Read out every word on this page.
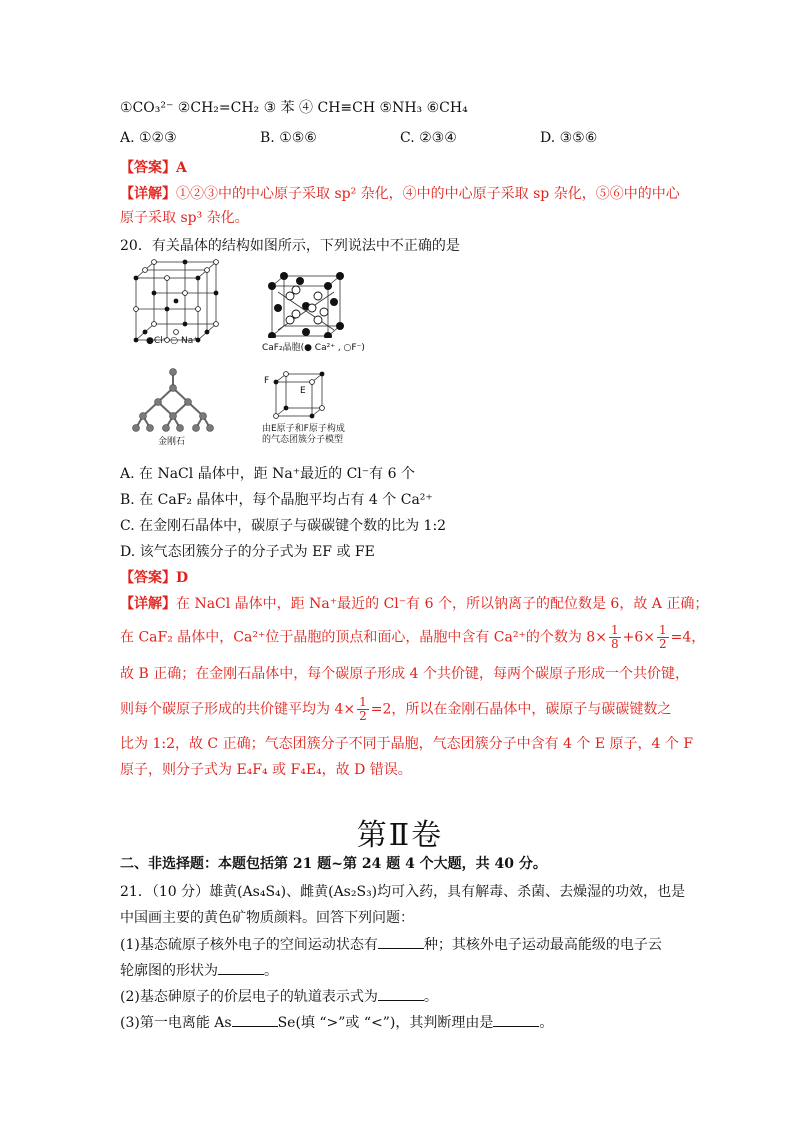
①CO₃²⁻ ②CH₂=CH₂ ③ 苯 ④ CH≡CH ⑤NH₃ ⑥CH₄
A. ①②③	B. ①⑤⑥	C. ②③④	D. ③⑤⑥
【答案】A
【详解】①②③中的中心原子采取 sp² 杂化，④中的中心原子采取 sp 杂化，⑤⑥中的中心
原子采取 sp³ 杂化。
20．有关晶体的结构如图所示，下列说法中不正确的是
●Cl⁻ ○ Na⁺
CaF₂晶胞(● Ca²⁺ , ○F⁻)
金刚石
F
E
由E原子和F原子构成
的气态团簇分子模型
A. 在 NaCl 晶体中，距 Na⁺最近的 Cl⁻有 6 个
B. 在 CaF₂ 晶体中，每个晶胞平均占有 4 个 Ca²⁺
C. 在金刚石晶体中，碳原子与碳碳键个数的比为 1:2
D. 该气态团簇分子的分子式为 EF 或 FE
【答案】D
【详解】在 NaCl 晶体中，距 Na⁺最近的 Cl⁻有 6 个，所以钠离子的配位数是 6，故 A 正确；
在 CaF₂ 晶体中，Ca²⁺位于晶胞的顶点和面心，晶胞中含有 Ca²⁺的个数为 $8\times \frac{1}{8} +6\times \frac{1}{2} =4$，
故 B 正确；在金刚石晶体中，每个碳原子形成 4 个共价键，每两个碳原子形成一个共价键，
则每个碳原子形成的共价键平均为 $4\times \frac{1}{2} =2$，所以在金刚石晶体中，碳原子与碳碳键数之
比为 1:2，故 C 正确；气态团簇分子不同于晶胞，气态团簇分子中含有 4 个 E 原子，4 个 F
原子，则分子式为 E₄F₄ 或 F₄E₄，故 D 错误。
第Ⅱ卷
二、非选择题：本题包括第 21 题~第 24 题 4 个大题，共 40 分。
21．（10 分）雄黄(As₄S₄)、雌黄(As₂S₃)均可入药，具有解毒、杀菌、去燥湿的功效，也是
中国画主要的黄色矿物质颜料。回答下列问题：
(1)基态硫原子核外电子的空间运动状态有	种；其核外电子运动最高能级的电子云
轮廓图的形状为	。
(2)基态砷原子的价层电子的轨道表示式为	。
(3)第一电离能 As	Se(填 “>”或 “<”)，其判断理由是	。
